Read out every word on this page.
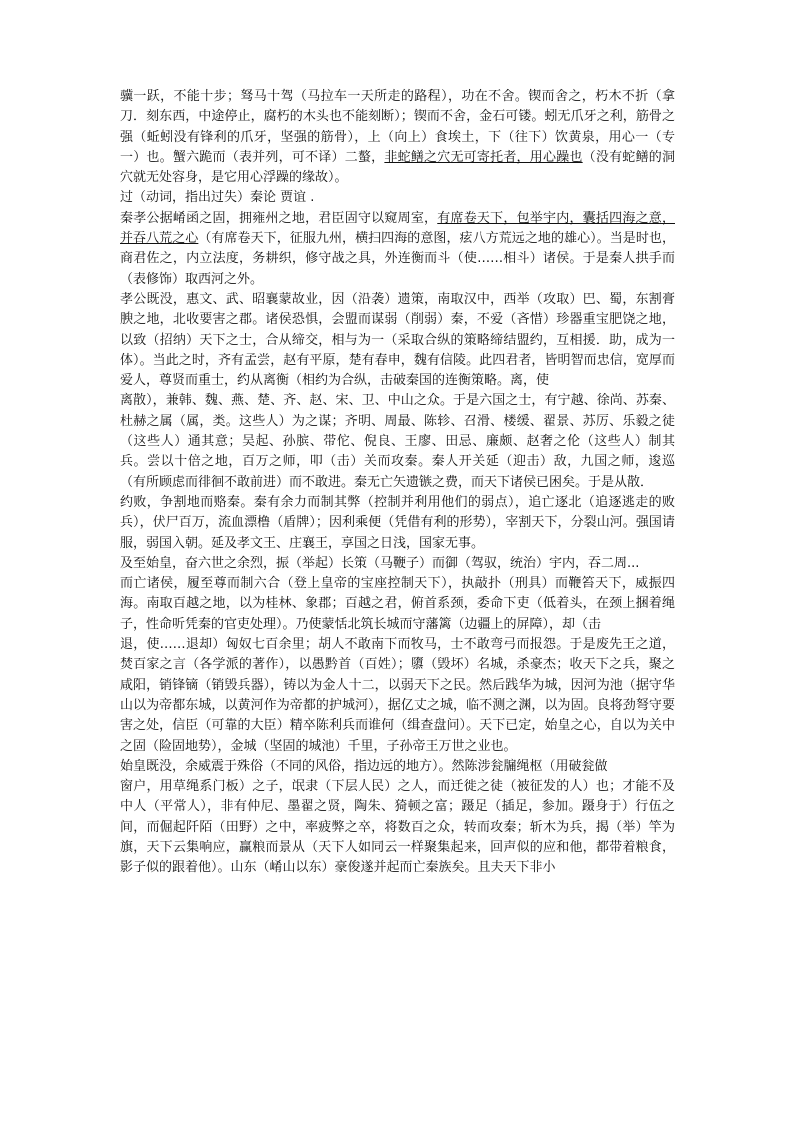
骥一跃，不能十步；驽马十驾（马拉车一天所走的路程），功在不舍。锲而舍之，朽木不折（拿刀．刻东西，中途停止，腐朽的木头也不能刻断）；锲而不舍，金石可镂。蚓无爪牙之利，筋骨之强（蚯蚓没有锋利的爪牙，坚强的筋骨），上（向上）食埃土，下（往下）饮黄泉，用心一（专一）也。蟹六跪而（表并列，可不译）二螯，非蛇鳝之穴无可寄托者，用心躁也（没有蛇鳝的洞穴就无处容身，是它用心浮躁的缘故）。

过（动词，指出过失）秦论 贾谊 .

秦孝公据崤函之固，拥雍州之地，君臣固守以窥周室，有席卷天下，包举宇内，囊括四海之意，并吞八荒之心（有席卷天下，征服九州，横扫四海的意图，痃八方荒远之地的雄心）。当是时也，商君佐之，内立法度，务耕织，修守战之具，外连衡而斗（使……相斗）诸侯。于是秦人拱手而（表修饰）取西河之外。

孝公既没，惠文、武、昭襄蒙故业，因（沿袭）遗策，南取汉中，西举（攻取）巴、蜀，东割膏腴之地，北收要害之郡。诸侯恐惧，会盟而谋弱（削弱）秦，不爱（吝惜）珍器重宝肥饶之地，以致（招纳）天下之士，合从缔交，相与为一（采取合纵的策略缔结盟约，互相援．助，成为一体）。当此之时，齐有孟尝，赵有平原，楚有春申，魏有信陵。此四君者，皆明智而忠信，宽厚而爱人，尊贤而重士，约从离衡（相约为合纵，击破秦国的连衡策略。离，使

离散），兼韩、魏、燕、楚、齐、赵、宋、卫、中山之众。于是六国之士，有宁越、徐尚、苏秦、杜赫之属（属，类。这些人）为之谋；齐明、周最、陈轸、召滑、楼缓、翟景、苏厉、乐毅之徒（这些人）通其意；吴起、孙膑、带佗、倪良、王廖、田忌、廉颇、赵奢之伦（这些人）制其兵。尝以十倍之地，百万之师，叩（击）关而攻秦。秦人开关延（迎击）敌，九国之师，逡巡（有所顾虑而徘徊不敢前进）而不敢进。秦无亡矢遗镞之费，而天下诸侯已困矣。于是从散．

约败，争割地而赂秦。秦有余力而制其弊（控制并利用他们的弱点），追亡逐北（追逐逃走的败兵），伏尸百万，流血漂橹（盾牌）；因利乘便（凭借有利的形势），宰割天下，分裂山河。强国请服，弱国入朝。延及孝文王、庄襄王，享国之日浅，国家无事。

及至始皇，奋六世之余烈，振（举起）长策（马鞭子）而御（驾驭，统治）宇内，吞二周...

而亡诸侯，履至尊而制六合（登上皇帝的宝座控制天下），执敲扑（刑具）而鞭笞天下，威振四海。南取百越之地，以为桂林、象郡；百越之君，俯首系颈，委命下吏（低着头，在颈上捆着绳子，性命听凭秦的官吏处理）。乃使蒙恬北筑长城而守藩篱（边疆上的屏障），却（击

退，使……退却）匈奴七百余里；胡人不敢南下而牧马，士不敢弯弓而报怨。于是废先王之道，焚百家之言（各学派的著作），以愚黔首（百姓）；隳（毁坏）名城，杀豪杰；收天下之兵，聚之咸阳，销锋镝（销毁兵器），铸以为金人十二，以弱天下之民。然后践华为城，因河为池（据守华山以为帝都东城，以黄河作为帝都的护城河），据亿丈之城，临不测之渊，以为固。良将劲弩守要害之处，信臣（可靠的大臣）精卒陈利兵而谁何（缉查盘问）。天下已定，始皇之心，自以为关中之固（险固地势），金城（坚固的城池）千里，子孙帝王万世之业也。

始皇既没，余威震于殊俗（不同的风俗，指边远的地方）。然陈涉瓮牖绳枢（用破瓮做

窗户，用草绳系门板）之子，氓隶（下层人民）之人，而迁徙之徒（被征发的人）也；才能不及中人（平常人），非有仲尼、墨翟之贤，陶朱、猗顿之富；蹑足（插足，参加。蹑身于）行伍之间，而倔起阡陌（田野）之中，率疲弊之卒，将数百之众，转而攻秦；斩木为兵，揭（举）竿为旗，天下云集响应，赢粮而景从（天下人如同云一样聚集起来，回声似的应和他，都带着粮食，影子似的跟着他）。山东（崤山以东）豪俊遂并起而亡秦族矣。且夫天下非小
